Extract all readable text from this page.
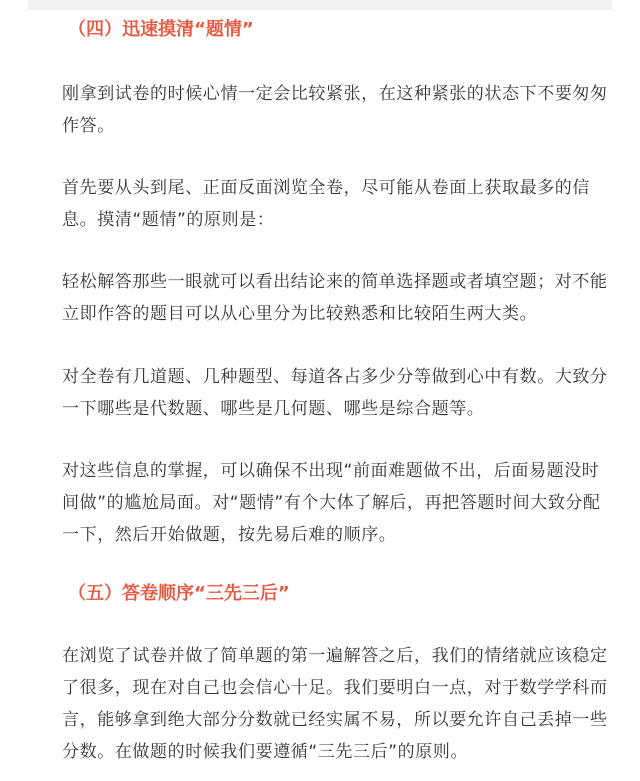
（四）迅速摸清“题情”

刚拿到试卷的时候心情一定会比较紧张，在这种紧张的状态下不要匆匆作答。

首先要从头到尾、正面反面浏览全卷，尽可能从卷面上获取最多的信息。摸清“题情”的原则是：

轻松解答那些一眼就可以看出结论来的简单选择题或者填空题；对不能立即作答的题目可以从心里分为比较熟悉和比较陌生两大类。

对全卷有几道题、几种题型、每道各占多少分等做到心中有数。大致分一下哪些是代数题、哪些是几何题、哪些是综合题等。

对这些信息的掌握，可以确保不出现“前面难题做不出，后面易题没时间做”的尴尬局面。对“题情”有个大体了解后，再把答题时间大致分配一下，然后开始做题，按先易后难的顺序。

（五）答卷顺序“三先三后”

在浏览了试卷并做了简单题的第一遍解答之后，我们的情绪就应该稳定了很多，现在对自己也会信心十足。我们要明白一点，对于数学学科而言，能够拿到绝大部分分数就已经实属不易，所以要允许自己丢掉一些分数。在做题的时候我们要遵循“三先三后”的原则。
